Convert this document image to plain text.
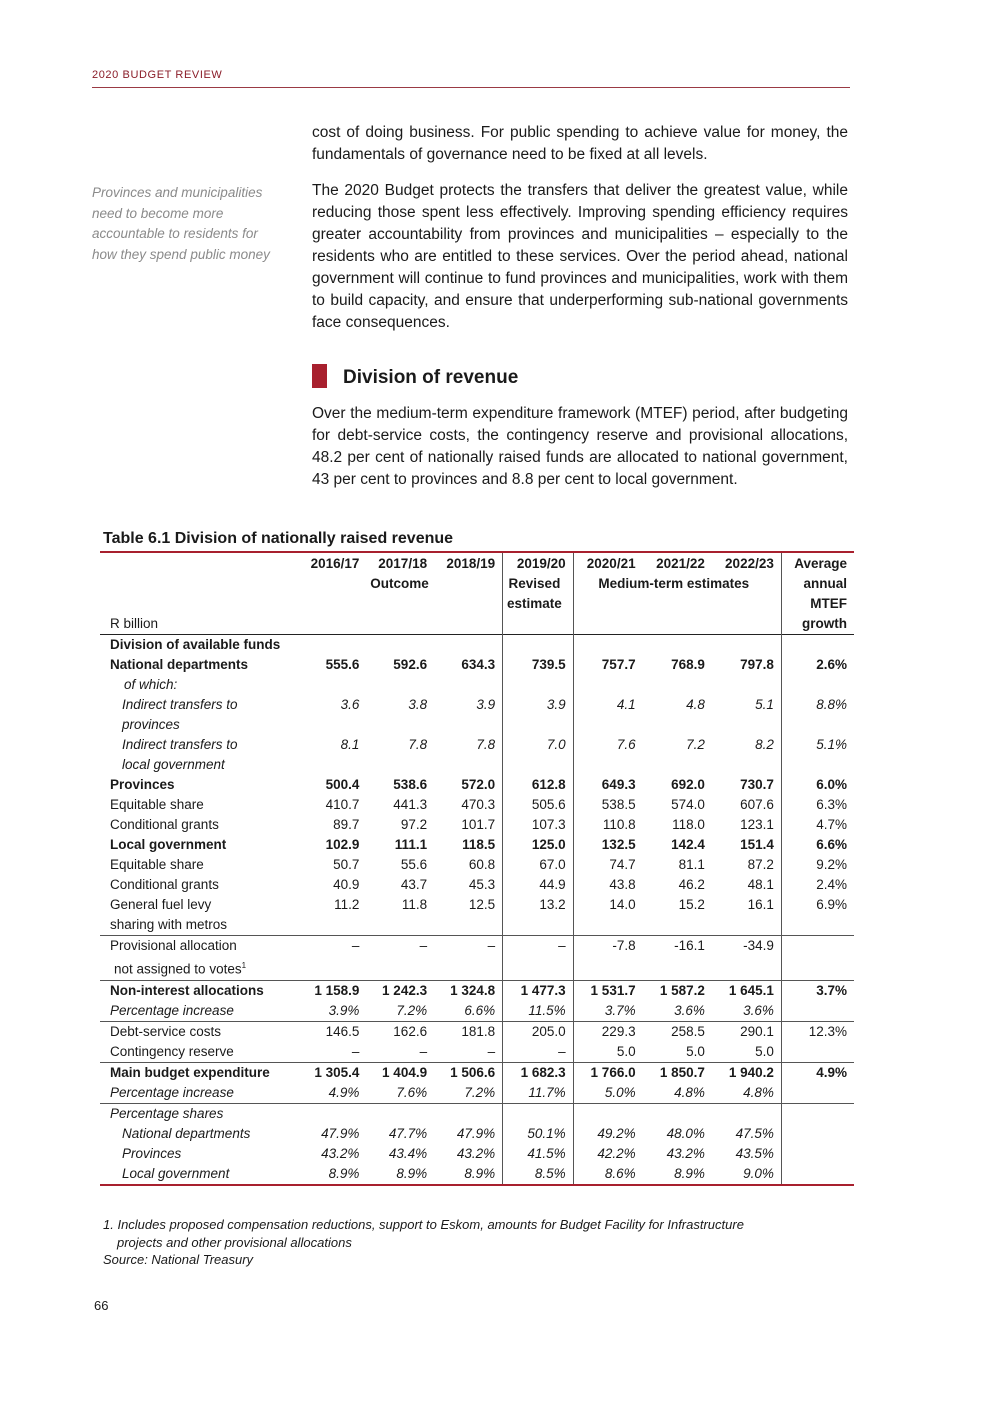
2020 BUDGET REVIEW
Provinces and municipalities need to become more accountable to residents for how they spend public money
cost of doing business. For public spending to achieve value for money, the fundamentals of governance need to be fixed at all levels.
The 2020 Budget protects the transfers that deliver the greatest value, while reducing those spent less effectively. Improving spending efficiency requires greater accountability from provinces and municipalities – especially to the residents who are entitled to these services. Over the period ahead, national government will continue to fund provinces and municipalities, work with them to build capacity, and ensure that underperforming sub-national governments face consequences.
Division of revenue
Over the medium-term expenditure framework (MTEF) period, after budgeting for debt-service costs, the contingency reserve and provisional allocations, 48.2 per cent of nationally raised funds are allocated to national government, 43 per cent to provinces and 8.8 per cent to local government.
Table 6.1 Division of nationally raised revenue
	2016/17	2017/18	2018/19	2019/20	2020/21	2021/22	2022/23	Average
	Outcome			Revised	Medium-term estimates			annual
				estimate				MTEF
R billion								growth
Division of available funds								
National departments	555.6	592.6	634.3	739.5	757.7	768.9	797.8	2.6%
of which:								
Indirect transfers to	3.6	3.8	3.9	3.9	4.1	4.8	5.1	8.8%
provinces								
Indirect transfers to	8.1	7.8	7.8	7.0	7.6	7.2	8.2	5.1%
local government								
Provinces	500.4	538.6	572.0	612.8	649.3	692.0	730.7	6.0%
Equitable share	410.7	441.3	470.3	505.6	538.5	574.0	607.6	6.3%
Conditional grants	89.7	97.2	101.7	107.3	110.8	118.0	123.1	4.7%
Local government	102.9	111.1	118.5	125.0	132.5	142.4	151.4	6.6%
Equitable share	50.7	55.6	60.8	67.0	74.7	81.1	87.2	9.2%
Conditional grants	40.9	43.7	45.3	44.9	43.8	46.2	48.1	2.4%
General fuel levy	11.2	11.8	12.5	13.2	14.0	15.2	16.1	6.9%
sharing with metros								
Provisional allocation	–	–	–	–	-7.8	-16.1	-34.9	
not assigned to votes$^1$								
Non-interest allocations	1 158.9	1 242.3	1 324.8	1 477.3	1 531.7	1 587.2	1 645.1	3.7%
Percentage increase	3.9%	7.2%	6.6%	11.5%	3.7%	3.6%	3.6%	
Debt-service costs	146.5	162.6	181.8	205.0	229.3	258.5	290.1	12.3%
Contingency reserve	–	–	–	–	5.0	5.0	5.0	
Main budget expenditure	1 305.4	1 404.9	1 506.6	1 682.3	1 766.0	1 850.7	1 940.2	4.9%
Percentage increase	4.9%	7.6%	7.2%	11.7%	5.0%	4.8%	4.8%	
Percentage shares								
National departments	47.9%	47.7%	47.9%	50.1%	49.2%	48.0%	47.5%	
Provinces	43.2%	43.4%	43.2%	41.5%	42.2%	43.2%	43.5%	
Local government	8.9%	8.9%	8.9%	8.5%	8.6%	8.9%	9.0%	
1. Includes proposed compensation reductions, support to Eskom, amounts for Budget Facility for Infrastructure
projects and other provisional allocations
Source: National Treasury
66
